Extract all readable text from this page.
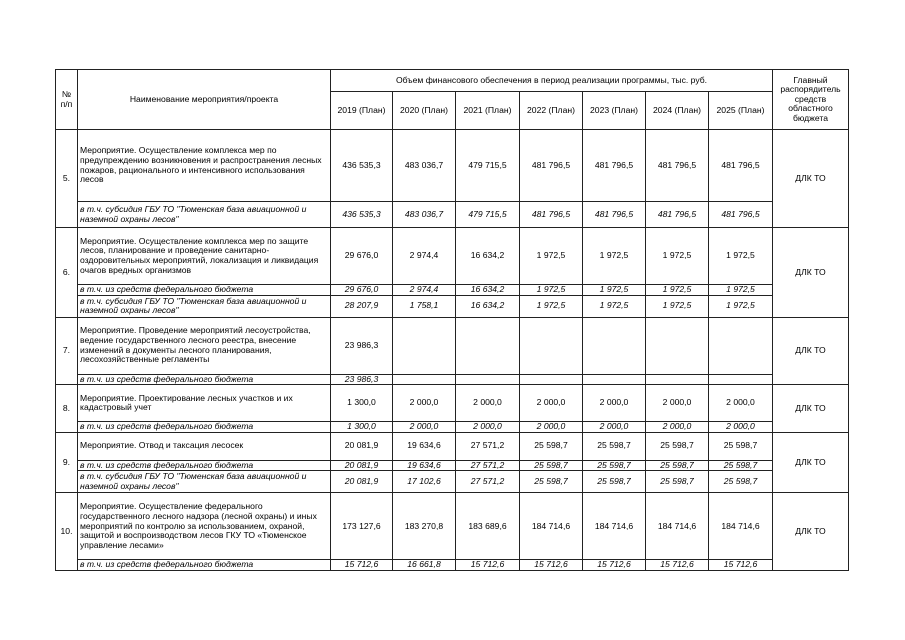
№ п/п	Наименование мероприятия/проекта	Объем финансового обеспечения в период реализации программы, тыс. руб.							Главный распорядитель средств областного бюджета
		2019 (План)	2020 (План)	2021 (План)	2022 (План)	2023 (План)	2024 (План)	2025 (План)	
5.	Мероприятие. Осуществление комплекса мер по предупреждению возникновения и распространения лесных пожаров, рационального и интенсивного использования лесов	436 535,3	483 036,7	479 715,5	481 796,5	481 796,5	481 796,5	481 796,5	ДЛК ТО
	в т.ч. субсидия ГБУ ТО "Тюменская база авиационной и наземной охраны лесов"	436 535,3	483 036,7	479 715,5	481 796,5	481 796,5	481 796,5	481 796,5	
6.	Мероприятие. Осуществление комплекса мер по защите лесов, планирование и проведение санитарно-оздоровительных мероприятий, локализация и ликвидация очагов вредных организмов	29 676,0	2 974,4	16 634,2	1 972,5	1 972,5	1 972,5	1 972,5	ДЛК ТО
	в т.ч. из средств федерального бюджета	29 676,0	2 974,4	16 634,2	1 972,5	1 972,5	1 972,5	1 972,5	
	в т.ч. субсидия ГБУ ТО "Тюменская база авиационной и наземной охраны лесов"	28 207,9	1 758,1	16 634,2	1 972,5	1 972,5	1 972,5	1 972,5	
7.	Мероприятие. Проведение мероприятий лесоустройства, ведение государственного лесного реестра, внесение изменений в документы лесного планирования, лесохозяйственные регламенты	23 986,3							ДЛК ТО
	в т.ч. из средств федерального бюджета	23 986,3							
8.	Мероприятие. Проектирование лесных участков и их кадастровый учет	1 300,0	2 000,0	2 000,0	2 000,0	2 000,0	2 000,0	2 000,0	ДЛК ТО
	в т.ч. из средств федерального бюджета	1 300,0	2 000,0	2 000,0	2 000,0	2 000,0	2 000,0	2 000,0	
9.	Мероприятие. Отвод и таксация лесосек	20 081,9	19 634,6	27 571,2	25 598,7	25 598,7	25 598,7	25 598,7	ДЛК ТО
	в т.ч. из средств федерального бюджета	20 081,9	19 634,6	27 571,2	25 598,7	25 598,7	25 598,7	25 598,7	
	в т.ч. субсидия ГБУ ТО "Тюменская база авиационной и наземной охраны лесов"	20 081,9	17 102,6	27 571,2	25 598,7	25 598,7	25 598,7	25 598,7	
10.	Мероприятие. Осуществление федерального государственного лесного надзора (лесной охраны) и иных мероприятий по контролю за использованием, охраной, защитой и воспроизводством лесов ГКУ ТО «Тюменское управление лесами»	173 127,6	183 270,8	183 689,6	184 714,6	184 714,6	184 714,6	184 714,6	ДЛК ТО
	в т.ч. из средств федерального бюджета	15 712,6	16 661,8	15 712,6	15 712,6	15 712,6	15 712,6	15 712,6	
